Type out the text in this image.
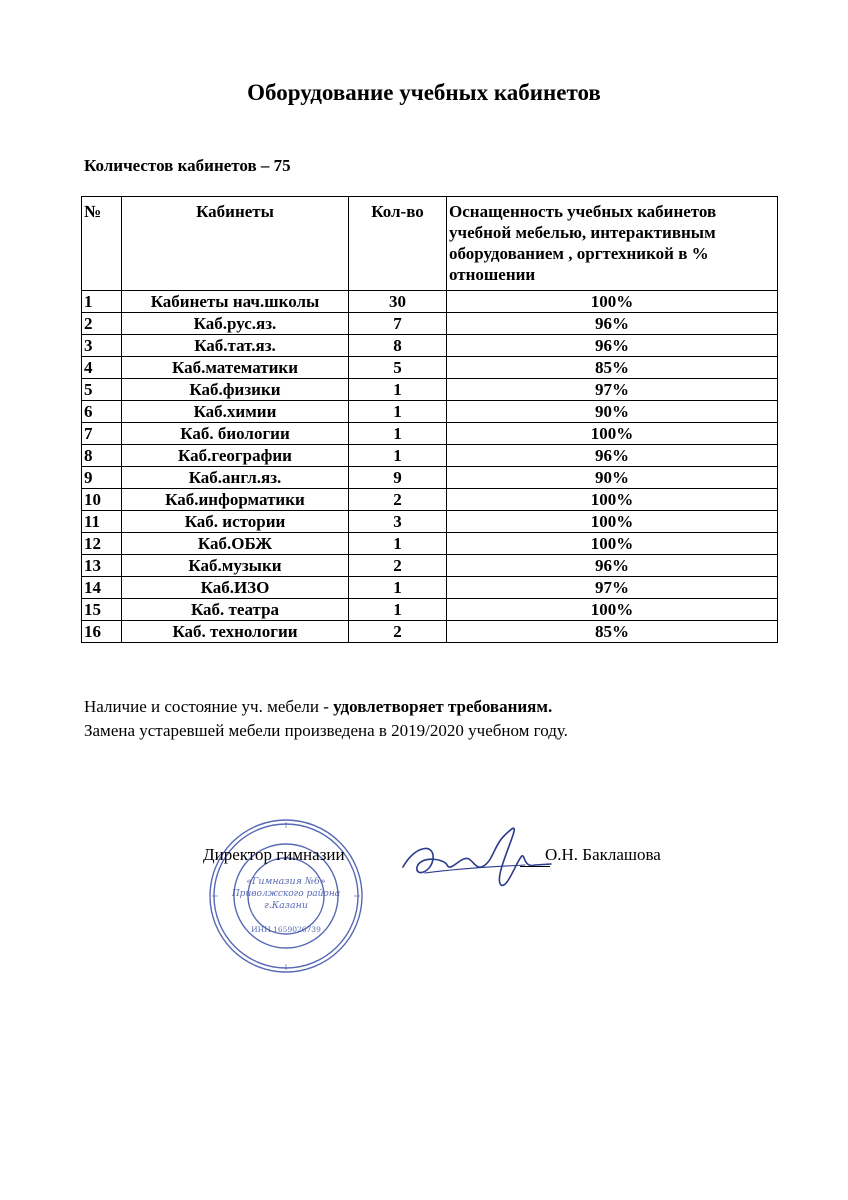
Оборудование учебных кабинетов
Количестов кабинетов – 75
№	Кабинеты	Кол-во	Оснащенность учебных кабинетов учебной мебелью, интерактивным оборудованием , оргтехникой в % отношении
1	Кабинеты нач.школы	30	100%
2	Каб.рус.яз.	7	96%
3	Каб.тат.яз.	8	96%
4	Каб.математики	5	85%
5	Каб.физики	1	97%
6	Каб.химии	1	90%
7	Каб. биологии	1	100%
8	Каб.географии	1	96%
9	Каб.англ.яз.	9	90%
10	Каб.информатики	2	100%
11	Каб. истории	3	100%
12	Каб.ОБЖ	1	100%
13	Каб.музыки	2	96%
14	Каб.ИЗО	1	97%
15	Каб. театра	1	100%
16	Каб. технологии	2	85%
Наличие и состояние уч. мебели - удовлетворяет требованиям.
Замена устаревшей мебели произведена в 2019/2020 учебном году.
«Гимназия №6»
Приволжского района
г.Казани
ИНН 1659026739
Директор гимназии	О.Н. Баклашова
